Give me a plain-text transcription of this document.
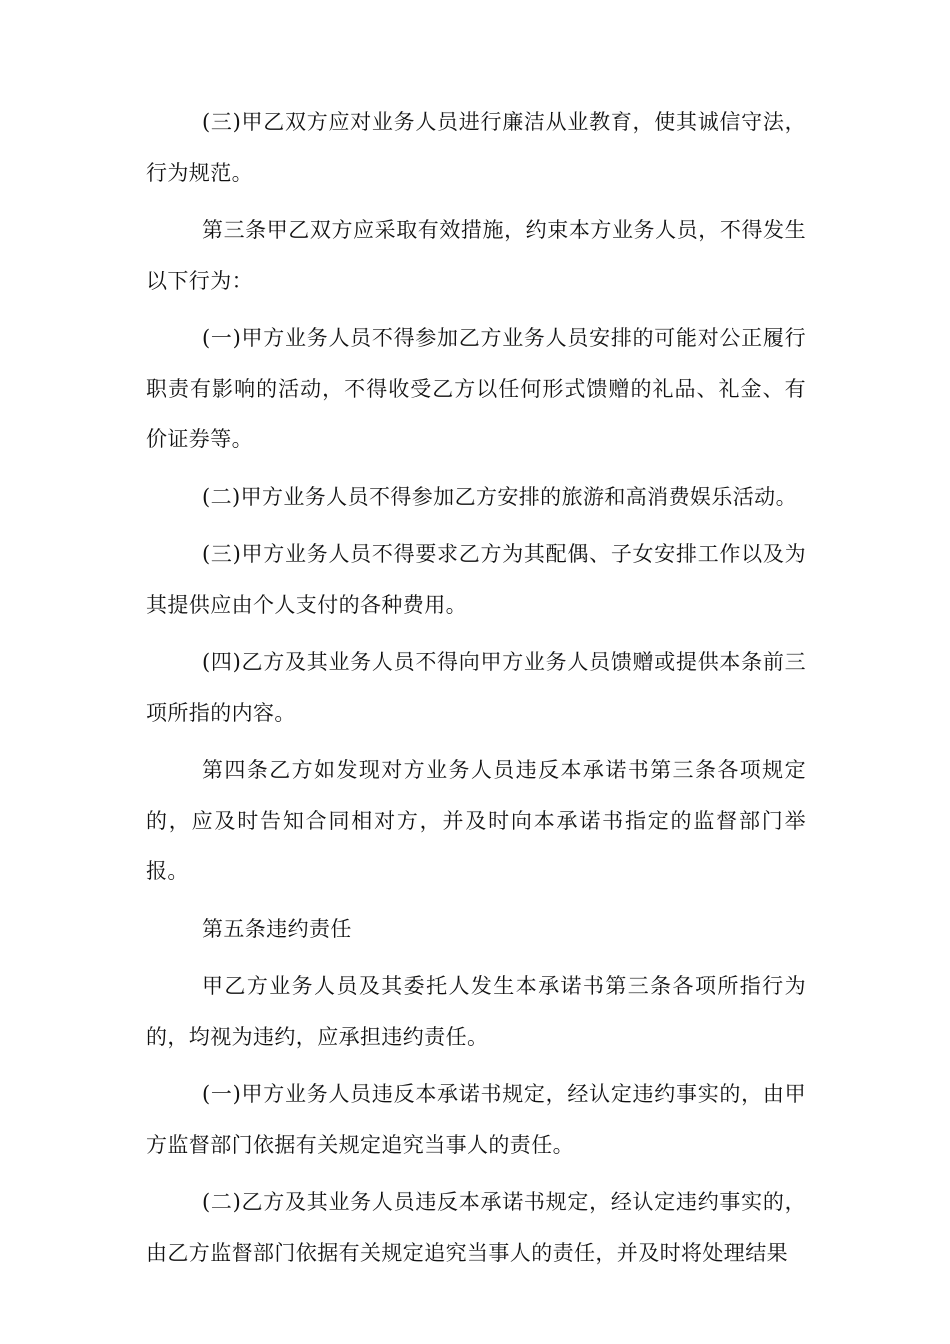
(三)甲乙双方应对业务人员进行廉洁从业教育，使其诚信守法，行为规范。

第三条甲乙双方应采取有效措施，约束本方业务人员，不得发生以下行为：

(一)甲方业务人员不得参加乙方业务人员安排的可能对公正履行职责有影响的活动，不得收受乙方以任何形式馈赠的礼品、礼金、有价证券等。

(二)甲方业务人员不得参加乙方安排的旅游和高消费娱乐活动。

(三)甲方业务人员不得要求乙方为其配偶、子女安排工作以及为其提供应由个人支付的各种费用。

(四)乙方及其业务人员不得向甲方业务人员馈赠或提供本条前三项所指的内容。

第四条乙方如发现对方业务人员违反本承诺书第三条各项规定的，应及时告知合同相对方，并及时向本承诺书指定的监督部门举报。

第五条违约责任

甲乙方业务人员及其委托人发生本承诺书第三条各项所指行为的，均视为违约，应承担违约责任。

(一)甲方业务人员违反本承诺书规定，经认定违约事实的，由甲方监督部门依据有关规定追究当事人的责任。

(二)乙方及其业务人员违反本承诺书规定，经认定违约事实的，由乙方监督部门依据有关规定追究当事人的责任，并及时将处理结果
